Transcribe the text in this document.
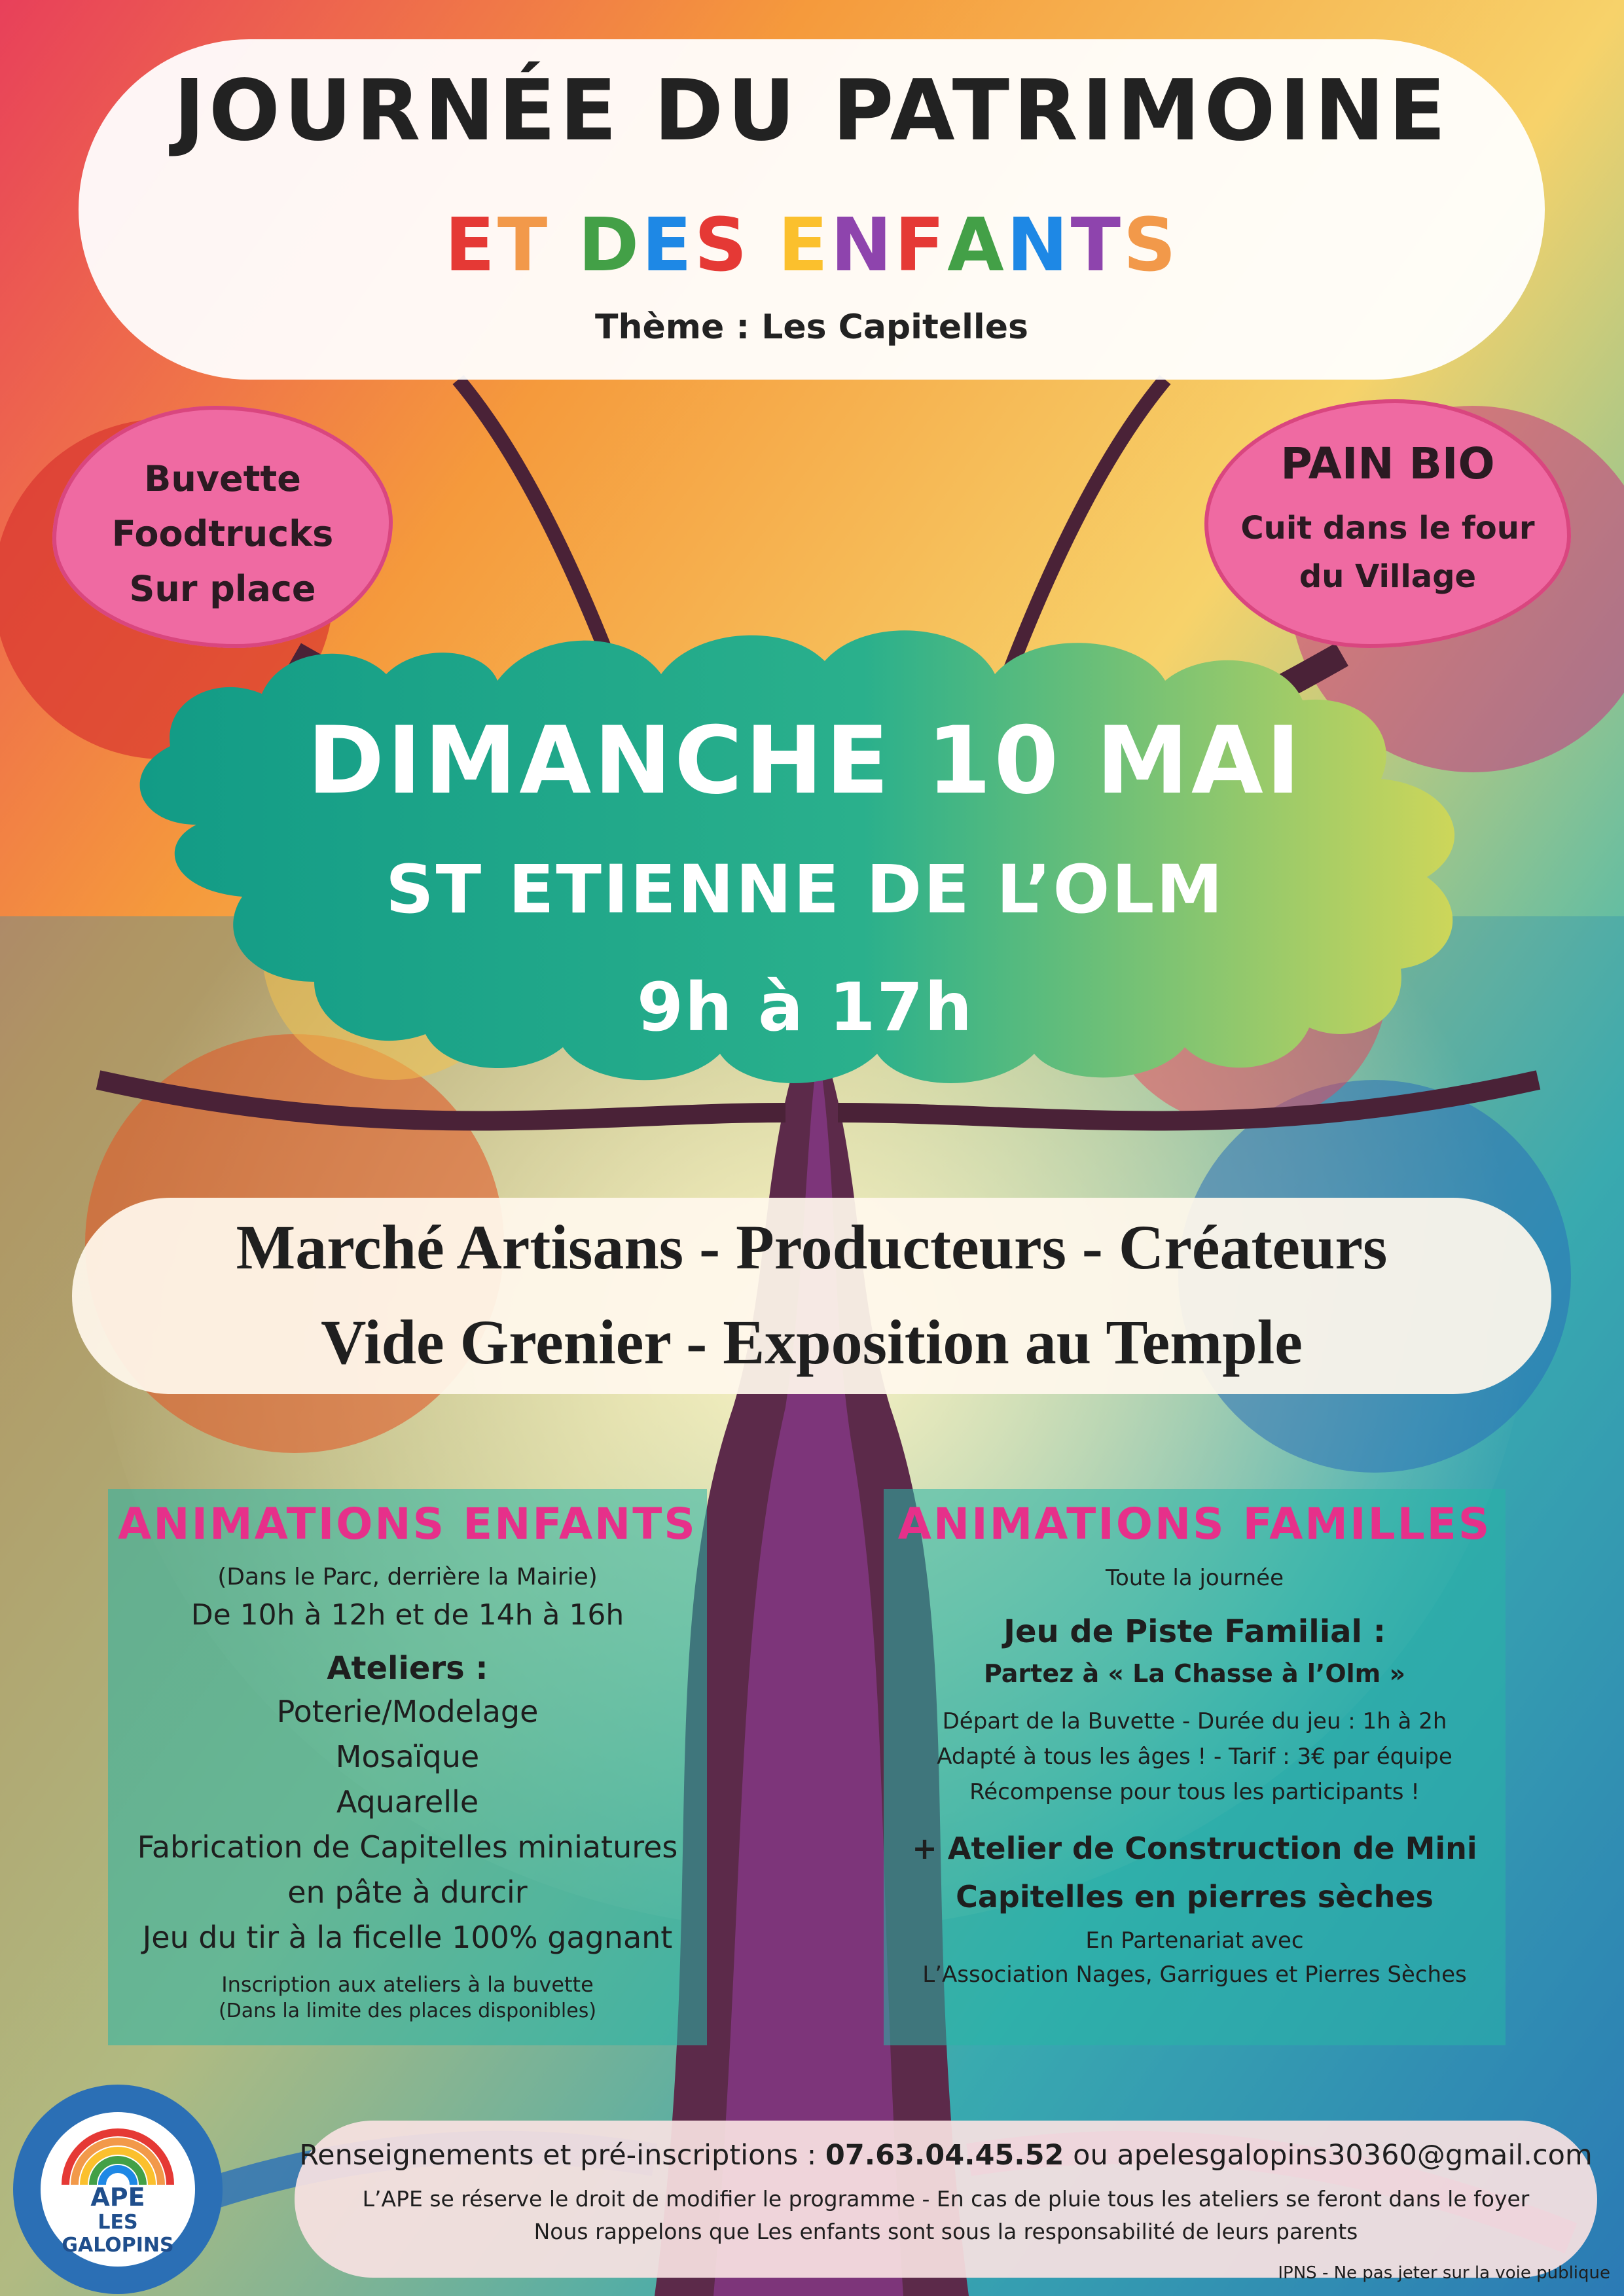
JOURNÉE DU PATRIMOINE
ET DES ENFANTS
Thème : Les Capitelles
Buvette
Foodtrucks
Sur place
PAIN BIO
Cuit dans le four
du Village
DIMANCHE 10 MAI
ST ETIENNE DE L’OLM
9h à 17h
Marché Artisans - Producteurs - Créateurs
Vide Grenier - Exposition au Temple
ANIMATIONS ENFANTS
(Dans le Parc, derrière la Mairie)
De 10h à 12h et de 14h à 16h
Ateliers :
Poterie/Modelage
Mosaïque
Aquarelle
Fabrication de Capitelles miniatures
en pâte à durcir
Jeu du tir à la ficelle 100% gagnant
Inscription aux ateliers à la buvette
(Dans la limite des places disponibles)
ANIMATIONS FAMILLES
Toute la journée
Jeu de Piste Familial :
Partez à « La Chasse à l’Olm »
Départ de la Buvette - Durée du jeu : 1h à 2h
Adapté à tous les âges ! - Tarif : 3€ par équipe
Récompense pour tous les participants !
+ Atelier de Construction de Mini
Capitelles en pierres sèches
En Partenariat avec
L’Association Nages, Garrigues et Pierres Sèches
APE
LES GALOPINS
Renseignements et pré-inscriptions : 07.63.04.45.52 ou apelesgalopins30360@gmail.com
L’APE se réserve le droit de modifier le programme - En cas de pluie tous les ateliers se feront dans le foyer
Nous rappelons que Les enfants sont sous la responsabilité de leurs parents
IPNS - Ne pas jeter sur la voie publique
